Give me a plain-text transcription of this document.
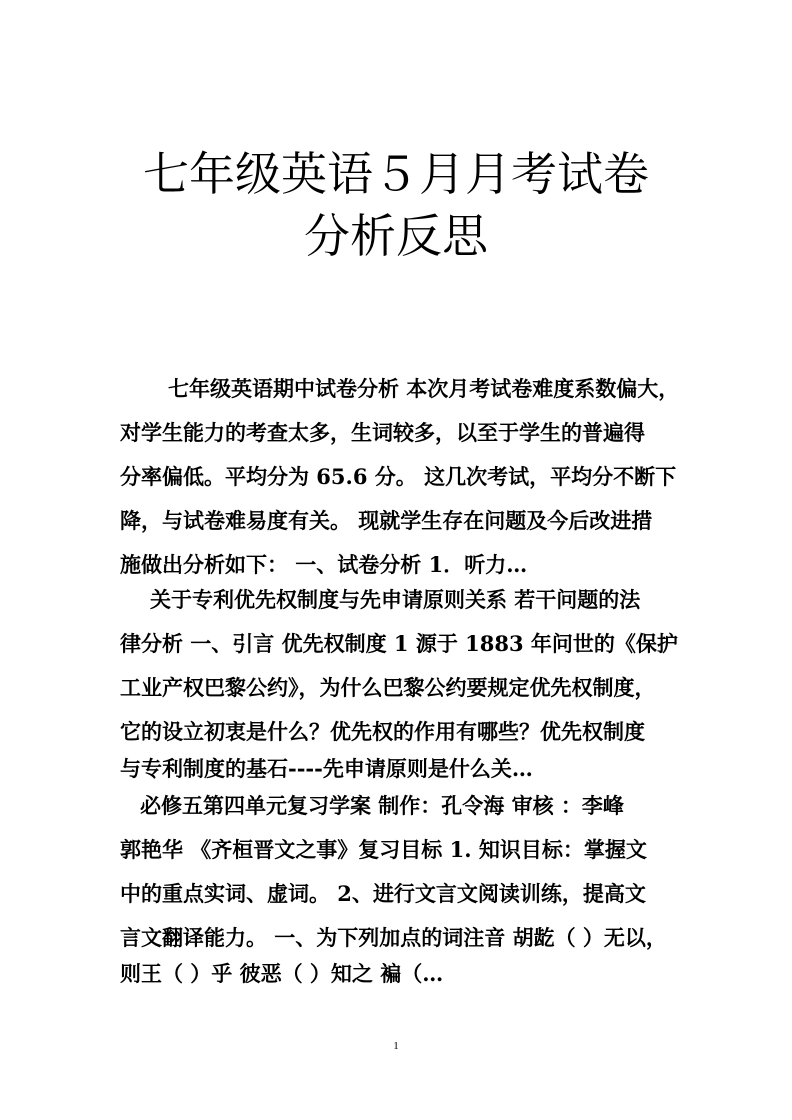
七年级英语５月月考试卷
分析反思
七年级英语期中试卷分析 本次月考试卷难度系数偏大，
对学生能力的考查太多，生词较多，以至于学生的普遍得
分率偏低。平均分为 65.6 分。 这几次考试，平均分不断下
降，与试卷难易度有关。 现就学生存在问题及今后改进措
施做出分析如下： 一、试卷分析 1．听力…
关于专利优先权制度与先申请原则关系 若干问题的法
律分析 一、引言 优先权制度 1 源于 1883 年问世的《保护
工业产权巴黎公约》，为什么巴黎公约要规定优先权制度，
它的设立初衷是什么？优先权的作用有哪些？优先权制度
与专利制度的基石----先申请原则是什么关…
必修五第四单元复习学案 制作：孔令海 审核 ：李峰
郭艳华 《齐桓晋文之事》复习目标 1. 知识目标：掌握文
中的重点实词、虚词。 2、进行文言文阅读训练，提高文
言文翻译能力。 一、为下列加点的词注音 胡龁（ ）无以，
则王（ ）乎 彼恶（ ）知之 褊（…
1
